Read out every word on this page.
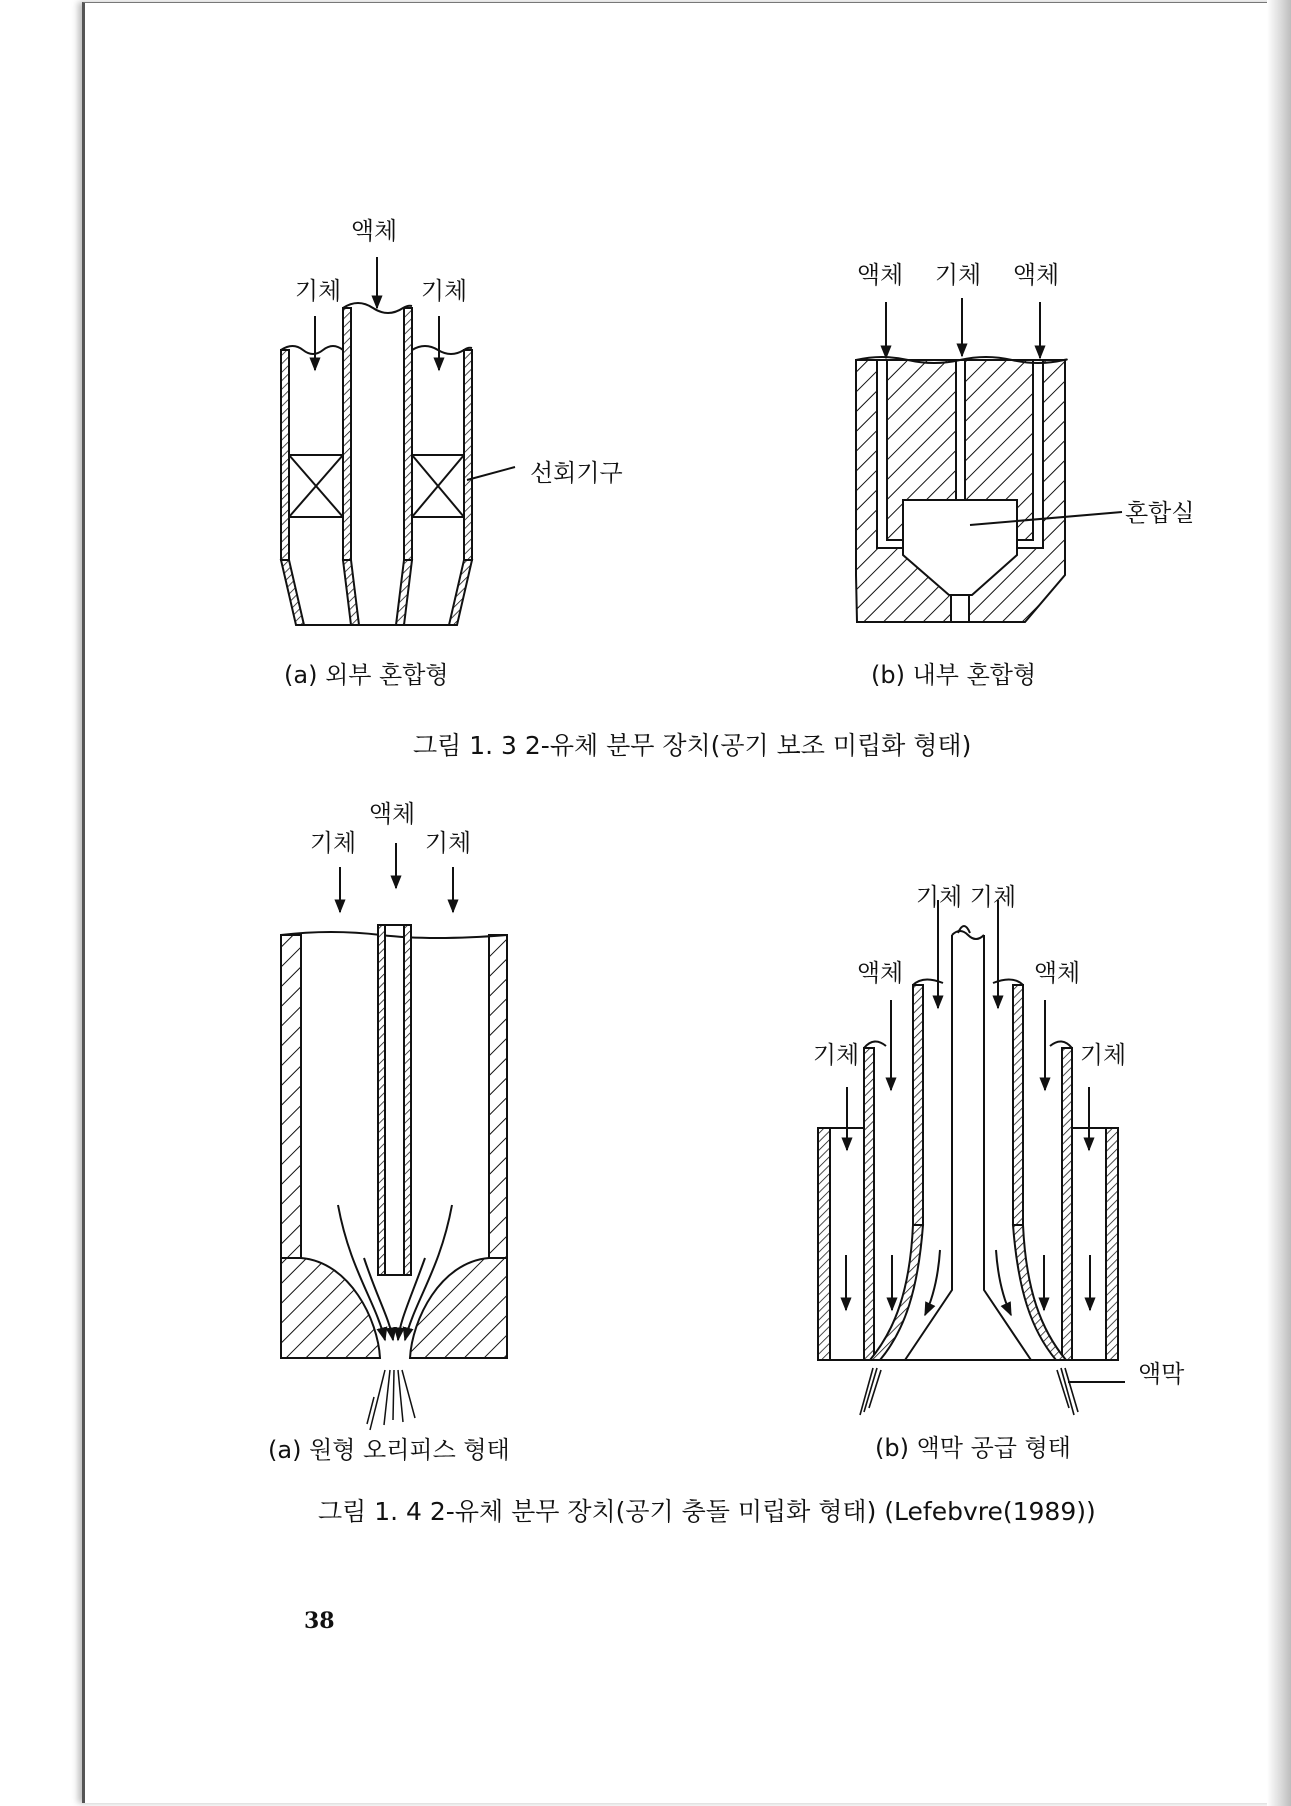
액체
기체	기체
선회기구
(a) 외부 혼합형
액체 기체 액체
혼합실
(b) 내부 혼합형
그림 1. 3 2-유체 분무 장치(공기 보조 미립화 형태)
액체
기체	기체
(a) 원형 오리피스 형태
기체 기체
액체	액체
기체	기체
액막
(b) 액막 공급 형태
그림 1. 4 2-유체 분무 장치(공기 충돌 미립화 형태) (Lefebvre(1989))
38
